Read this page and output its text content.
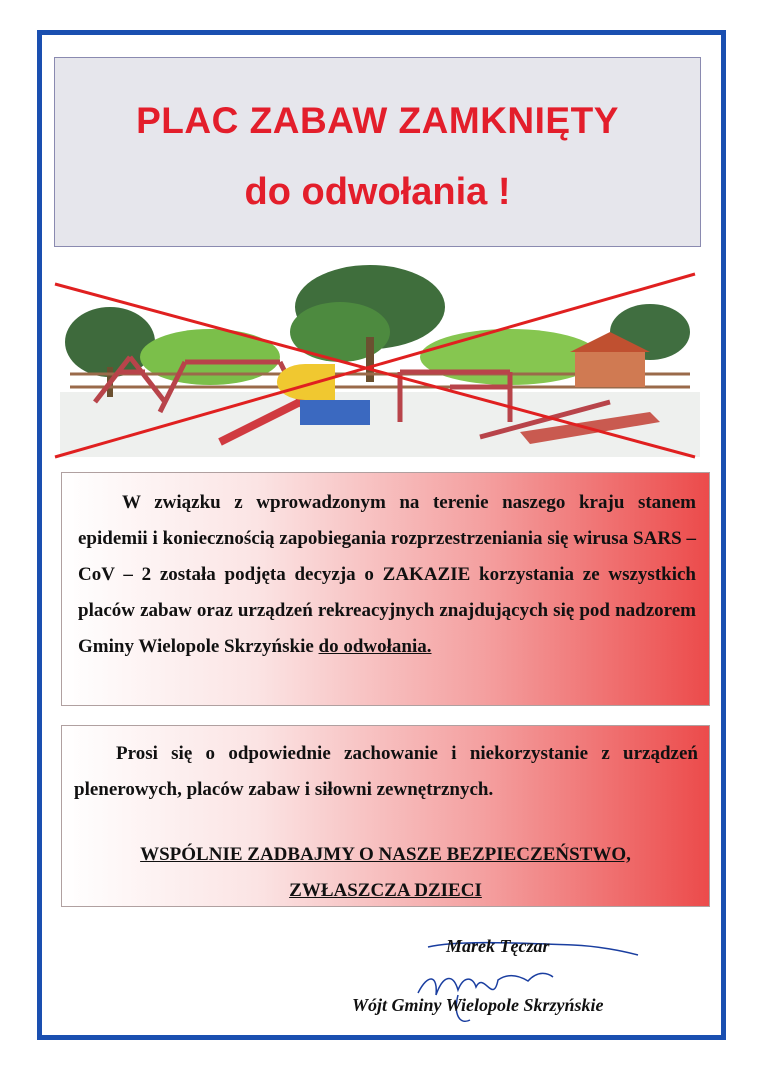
PLAC ZABAW ZAMKNIĘTY
do odwołania !
W związku z wprowadzonym na terenie naszego kraju stanem epidemii i koniecznością zapobiegania rozprzestrzeniania się wirusa SARS – CoV – 2 została podjęta decyzja o ZAKAZIE korzystania ze wszystkich placów zabaw oraz urządzeń rekreacyjnych znajdujących się pod nadzorem Gminy Wielopole Skrzyńskie do odwołania.
Prosi się o odpowiednie zachowanie i niekorzystanie z urządzeń plenerowych, placów zabaw i siłowni zewnętrznych.
WSPÓLNIE ZADBAJMY O NASZE BEZPIECZEŃSTWO,
ZWŁASZCZA DZIECI
Marek Tęczar
Wójt Gminy Wielopole Skrzyńskie
